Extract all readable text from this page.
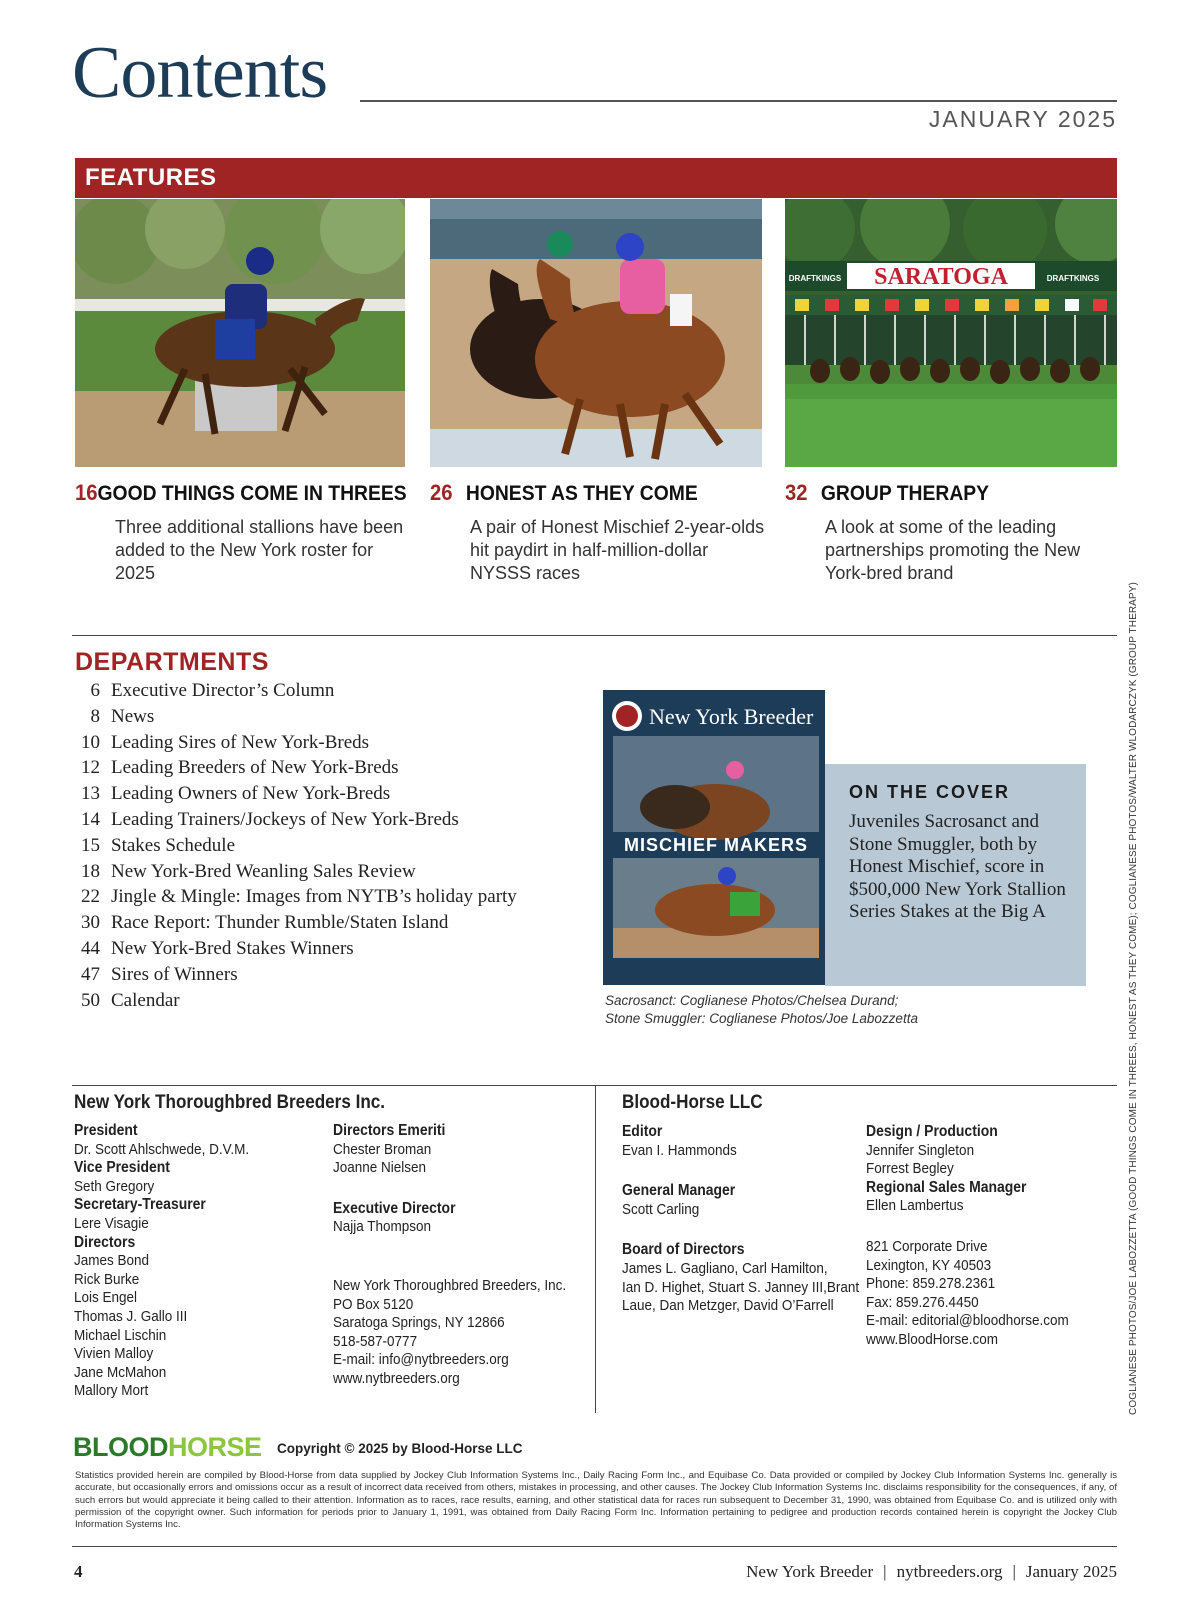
Contents
JANUARY 2025
FEATURES
SARATOGA
DRAFTKINGS	DRAFTKINGS
16 GOOD THINGS COME IN THREES
Three additional stallions have been added to the New York roster for 2025
26 HONEST AS THEY COME
A pair of Honest Mischief 2-year-olds hit paydirt in half-million-dollar NYSSS races
32 GROUP THERAPY
A look at some of the leading partnerships promoting the New York-bred brand
DEPARTMENTS
6 Executive Director’s Column
8 News
10 Leading Sires of New York-Breds
12 Leading Breeders of New York-Breds
13 Leading Owners of New York-Breds
14 Leading Trainers/Jockeys of New York-Breds
15 Stakes Schedule
18 New York-Bred Weanling Sales Review
22 Jingle & Mingle: Images from NYTB’s holiday party
30 Race Report: Thunder Rumble/Staten Island
44 New York-Bred Stakes Winners
47 Sires of Winners
50 Calendar
New York Breeder
MISCHIEF MAKERS
ON THE COVER
Juveniles Sacrosanct and Stone Smuggler, both by Honest Mischief, score in $500,000 New York Stallion Series Stakes at the Big A
Sacrosanct: Coglianese Photos/Chelsea Durand;
Stone Smuggler: Coglianese Photos/Joe Labozzetta
New York Thoroughbred Breeders Inc.
President
Dr. Scott Ahlschwede, D.V.M.
Vice President
Seth Gregory
Secretary-Treasurer
Lere Visagie
Directors
James Bond
Rick Burke
Lois Engel
Thomas J. Gallo III
Michael Lischin
Vivien Malloy
Jane McMahon
Mallory Mort
Directors Emeriti
Chester Broman
Joanne Nielsen
Executive Director
Najja Thompson
New York Thoroughbred Breeders, Inc.
PO Box 5120
Saratoga Springs, NY 12866
518-587-0777
E-mail: info@nytbreeders.org
www.nytbreeders.org
Blood-Horse LLC
Editor
Evan I. Hammonds
General Manager
Scott Carling
Board of Directors
James L. Gagliano, Carl Hamilton,
Ian D. Highet, Stuart S. Janney III,Brant
Laue, Dan Metzger, David O’Farrell
Design / Production
Jennifer Singleton
Forrest Begley
Regional Sales Manager
Ellen Lambertus
821 Corporate Drive
Lexington, KY 40503
Phone: 859.278.2361
Fax: 859.276.4450
E-mail: editorial@bloodhorse.com
www.BloodHorse.com	COGLIANESE PHOTOS/JOE LABOZZETTA (GOOD THINGS COME IN THREES, HONEST AS THEY COME); COGLIANESE PHOTOS/WALTER WLODARCZYK (GROUP THERAPY)
BLOODHORSE Copyright © 2025 by Blood-Horse LLC
Statistics provided herein are compiled by Blood-Horse from data supplied by Jockey Club Information Systems Inc., Daily Racing Form Inc., and Equibase Co. Data provided or compiled by Jockey Club Information Systems Inc. generally is accurate, but occasionally errors and omissions occur as a result of incorrect data received from others, mistakes in processing, and other causes. The Jockey Club Information Systems Inc. disclaims responsibility for the consequences, if any, of such errors but would appreciate it being called to their attention. Information as to races, race results, earning, and other statistical data for races run subsequent to December 31, 1990, was obtained from Equibase Co. and is utilized only with permission of the copyright owner. Such information for periods prior to January 1, 1991, was obtained from Daily Racing Form Inc. Information pertaining to pedigree and production records contained herein is copyright the Jockey Club Information Systems Inc.
4	New York Breeder | nytbreeders.org | January 2025
